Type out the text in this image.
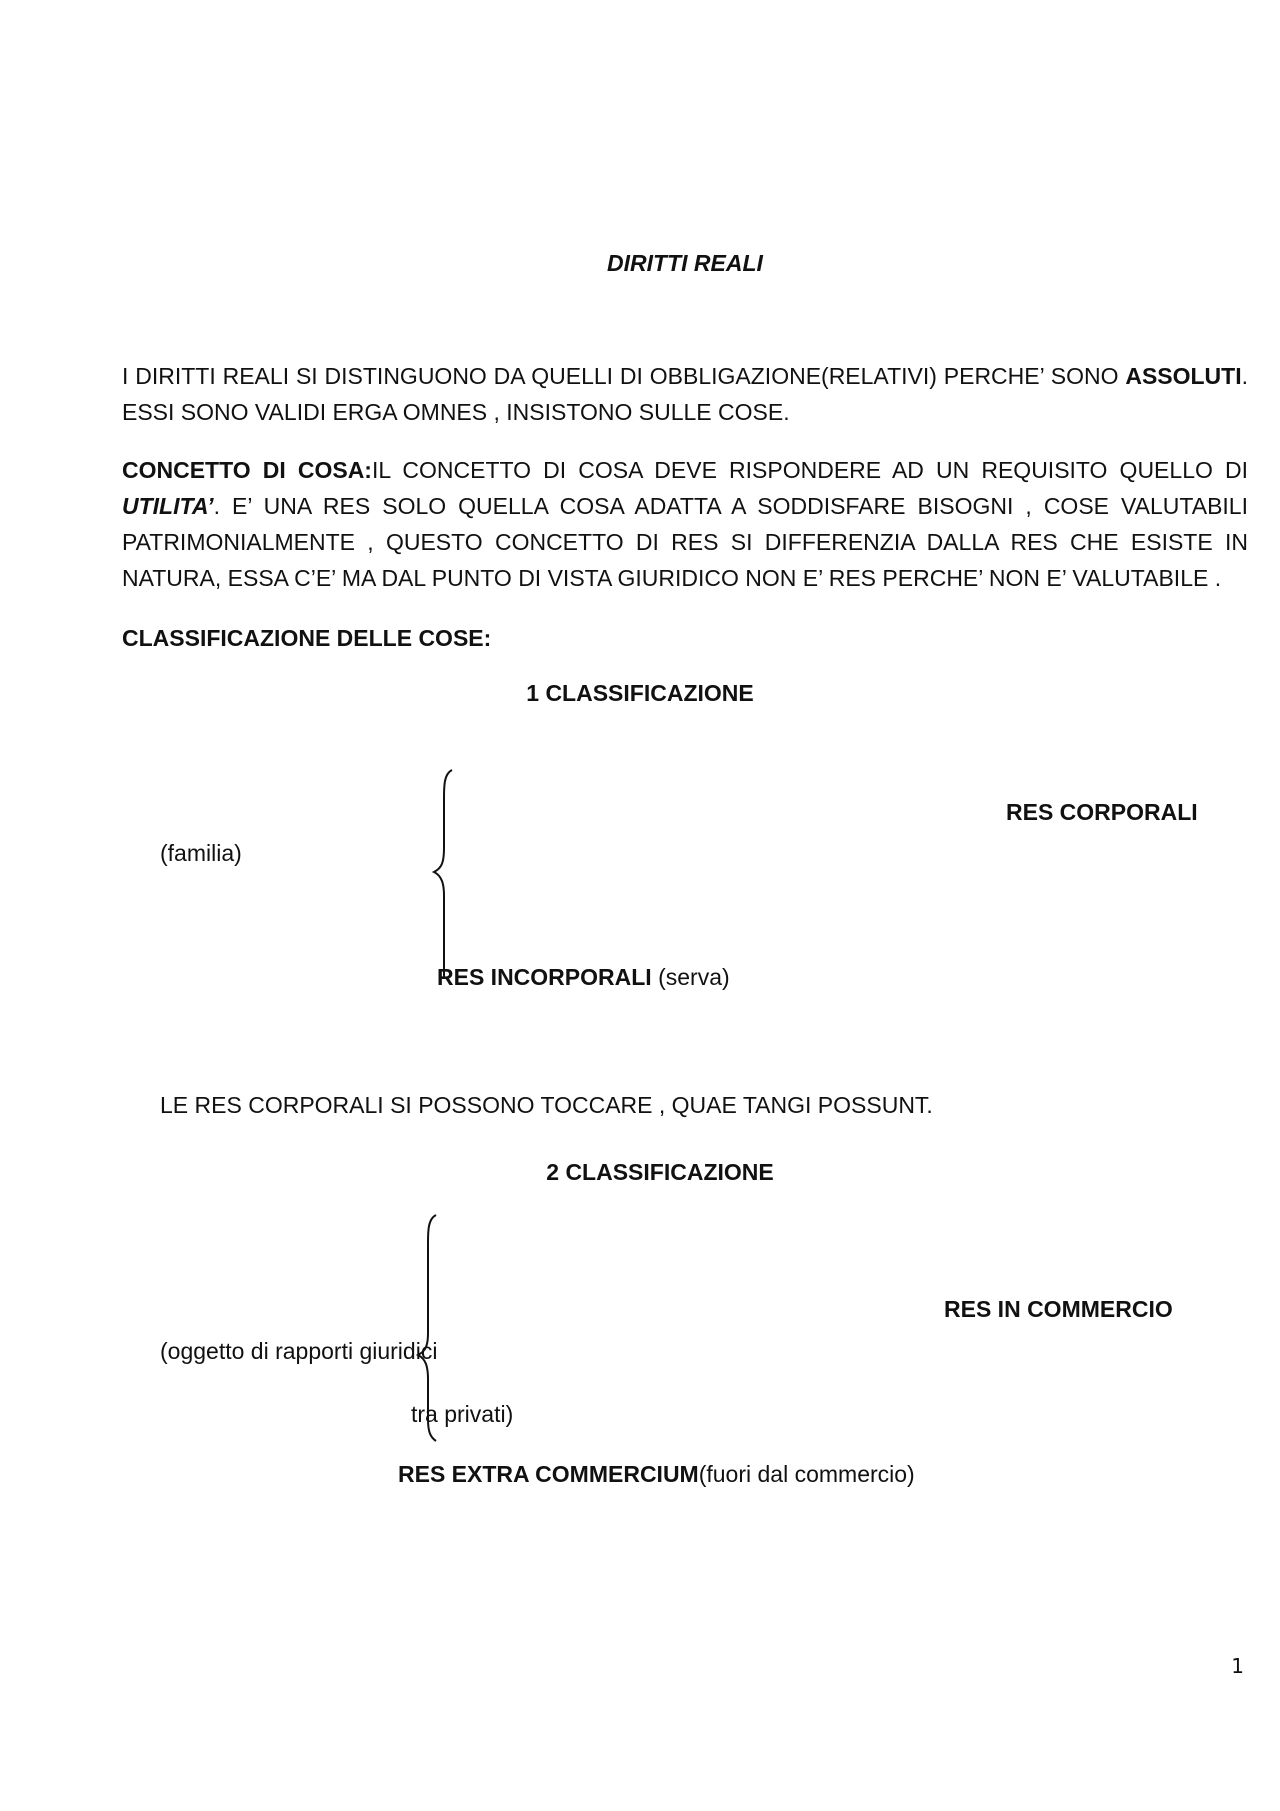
DIRITTI REALI
I DIRITTI REALI SI DISTINGUONO DA QUELLI DI OBBLIGAZIONE(RELATIVI) PERCHE’ SONO ASSOLUTI. ESSI SONO VALIDI ERGA OMNES , INSISTONO SULLE COSE.
CONCETTO DI COSA:IL CONCETTO DI COSA DEVE RISPONDERE AD UN REQUISITO QUELLO DI UTILITA’. E’ UNA RES SOLO QUELLA COSA ADATTA A SODDISFARE BISOGNI , COSE VALUTABILI PATRIMONIALMENTE , QUESTO CONCETTO DI RES SI DIFFERENZIA DALLA RES CHE ESISTE IN NATURA, ESSA C’E’ MA DAL PUNTO DI VISTA GIURIDICO NON E’ RES PERCHE’ NON E’ VALUTABILE .
CLASSIFICAZIONE DELLE COSE:
1 CLASSIFICAZIONE
RES CORPORALI
(familia)
RES INCORPORALI (serva)
LE RES CORPORALI SI POSSONO TOCCARE , QUAE TANGI POSSUNT.
2 CLASSIFICAZIONE
RES IN COMMERCIO
(oggetto di rapporti giuridici
tra privati)
RES EXTRA COMMERCIUM(fuori dal commercio)
1
